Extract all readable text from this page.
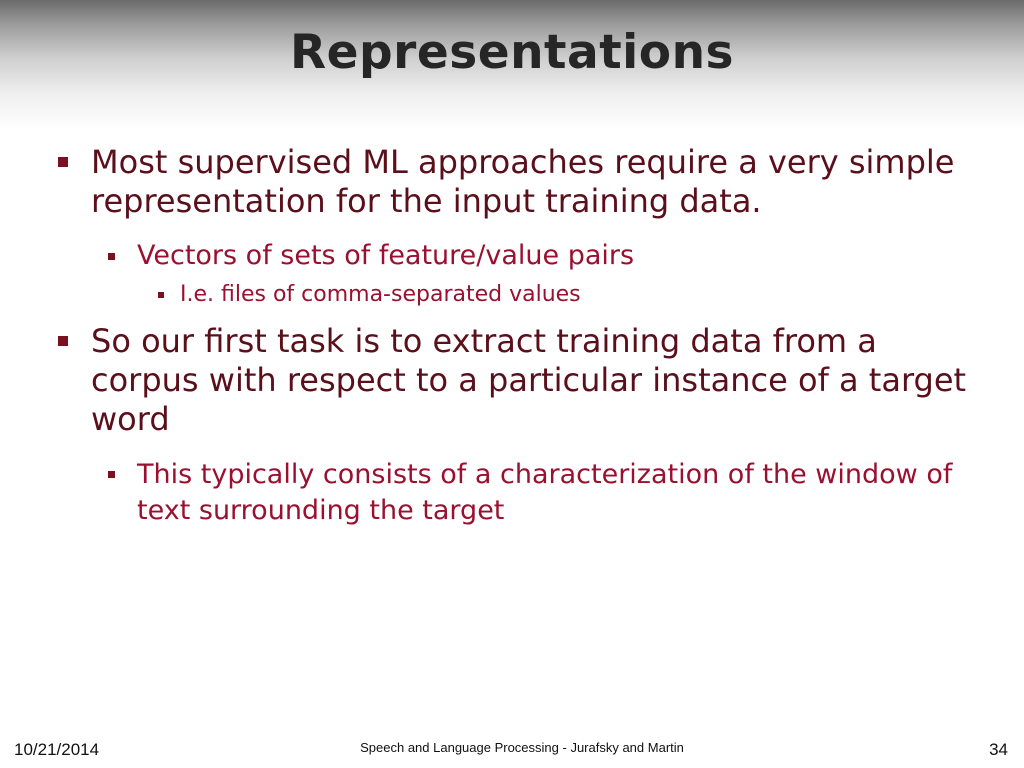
Representations
Most supervised ML approaches require a very simple representation for the input training data.
Vectors of sets of feature/value pairs
I.e. files of comma-separated values
So our first task is to extract training data from a corpus with respect to a particular instance of a target word
This typically consists of a characterization of the window of text surrounding the target
10/21/2014	Speech and Language Processing - Jurafsky and Martin	34
